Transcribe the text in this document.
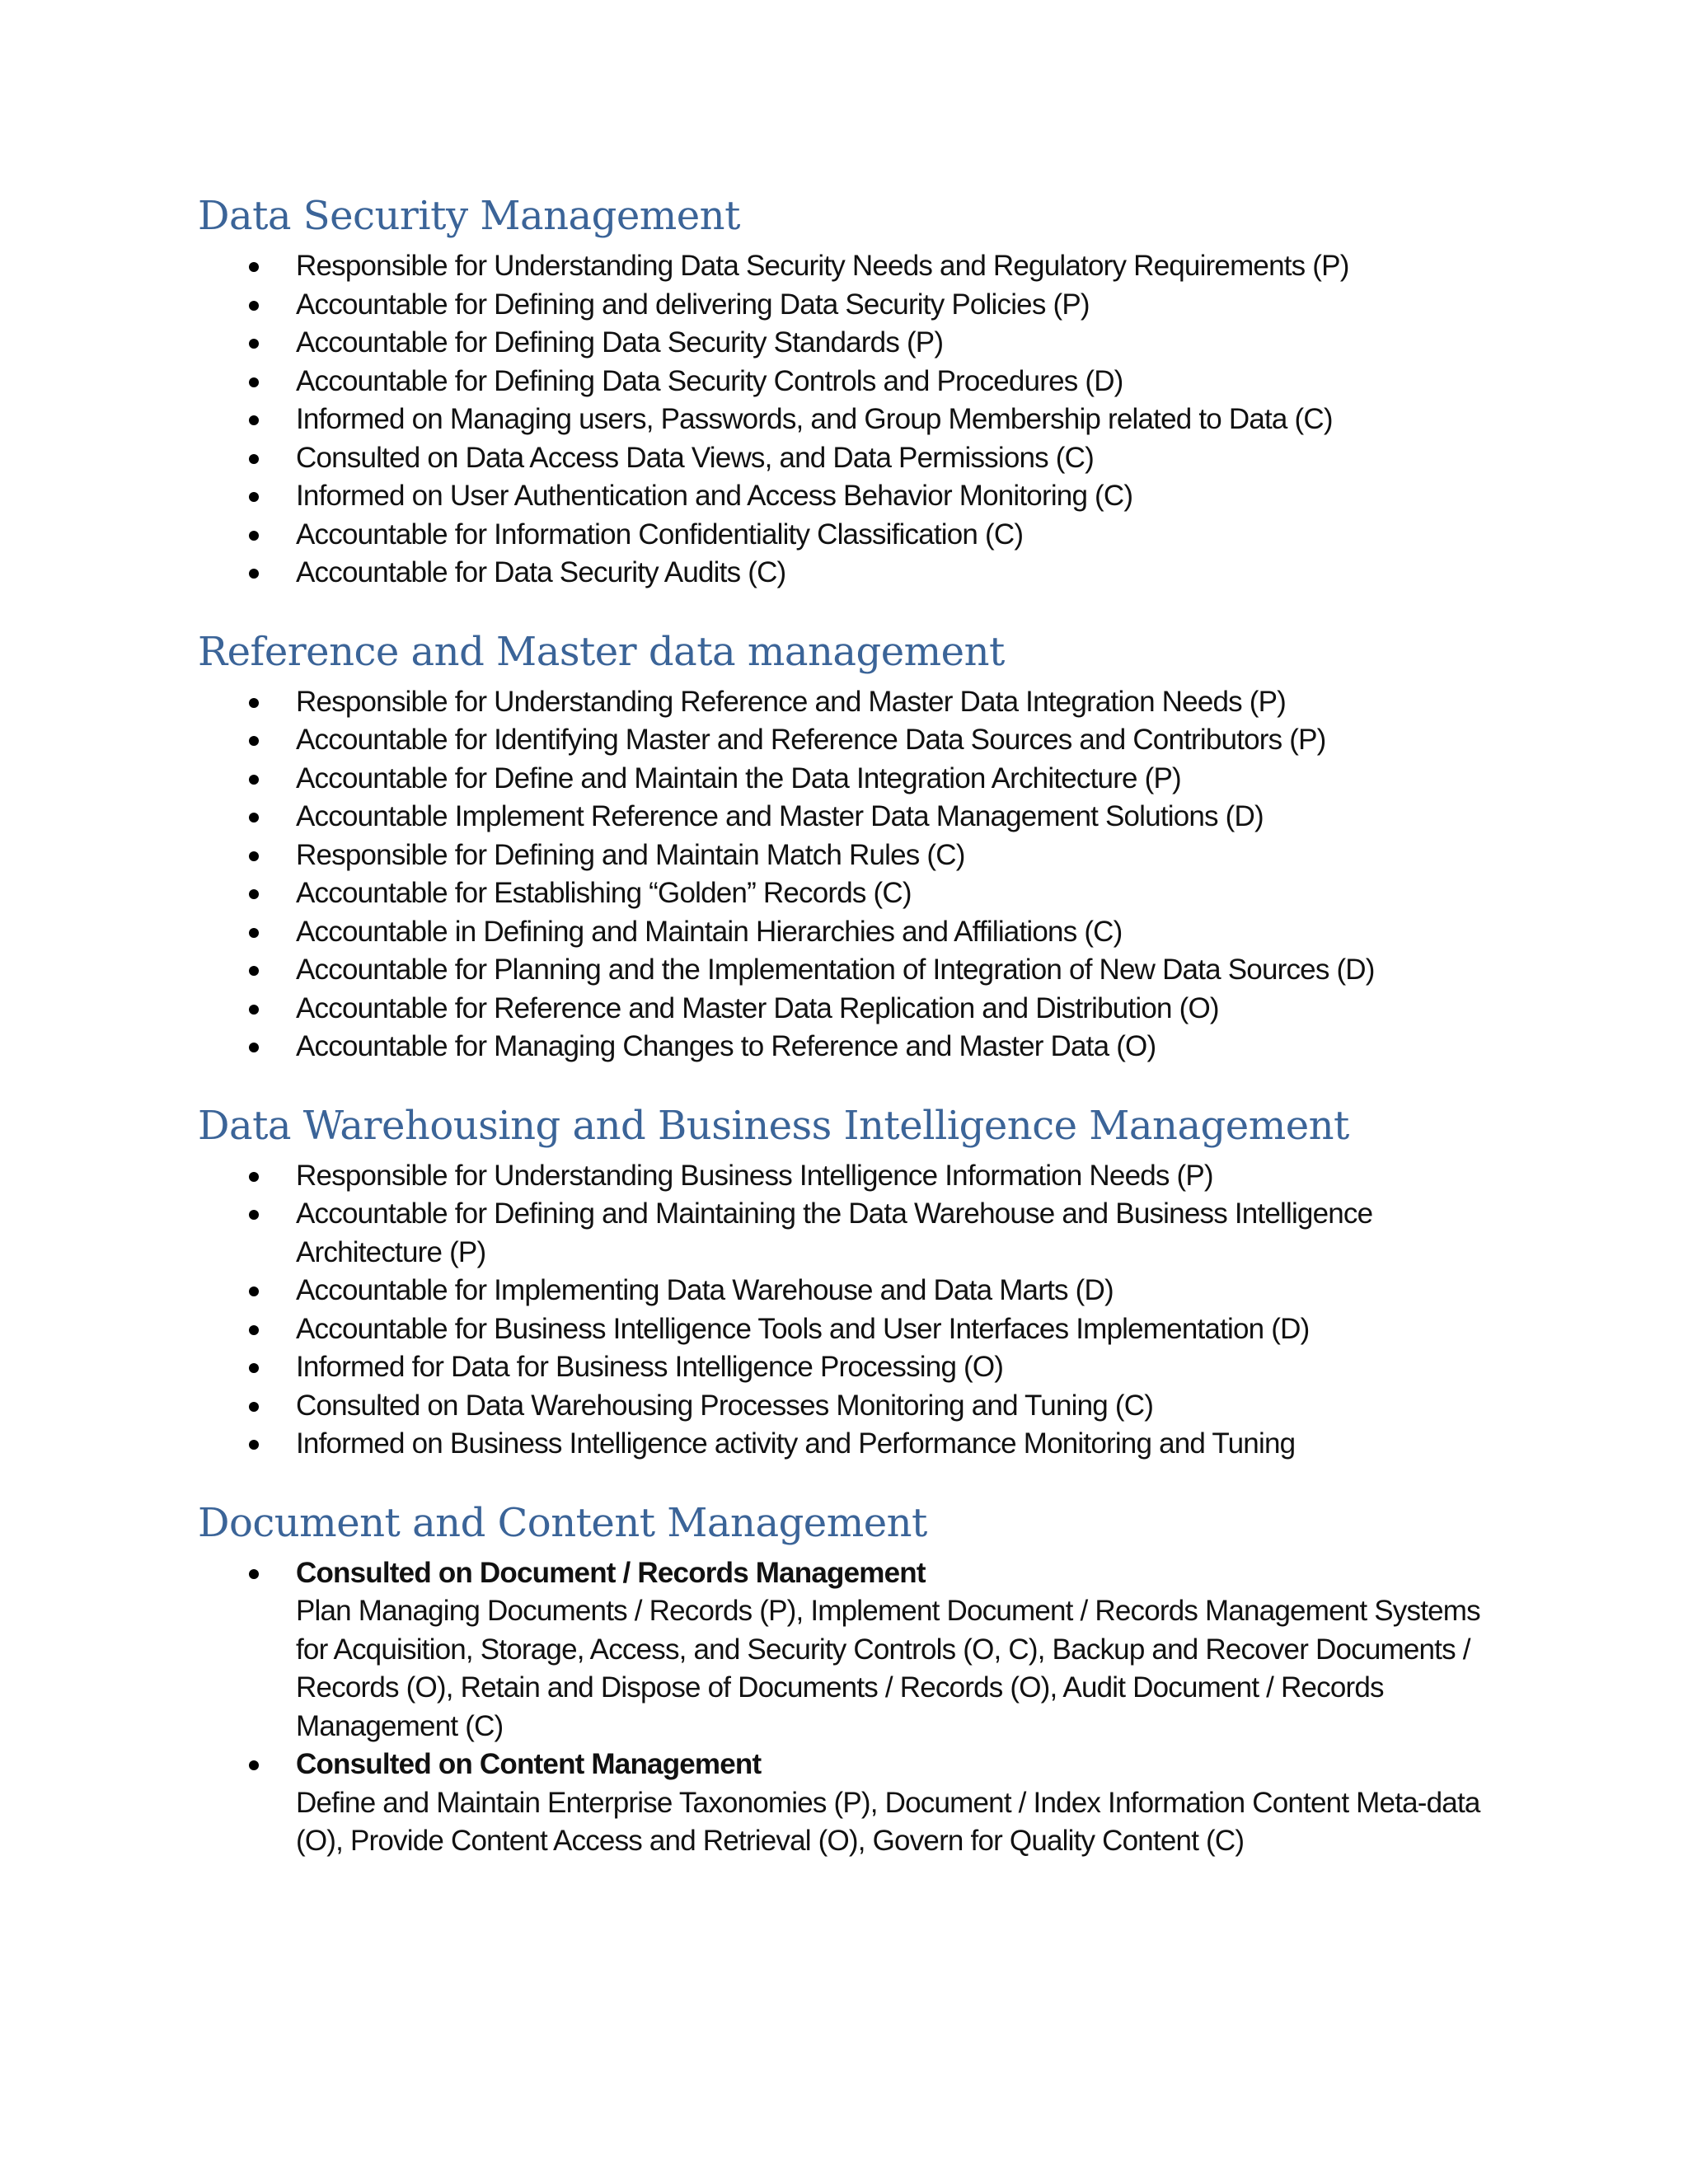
Data Security Management
Responsible for Understanding Data Security Needs and Regulatory Requirements (P)
Accountable for Defining and delivering Data Security Policies (P)
Accountable for Defining Data Security Standards (P)
Accountable for Defining Data Security Controls and Procedures (D)
Informed on Managing users, Passwords, and Group Membership related to Data (C)
Consulted on Data Access Data Views, and Data Permissions (C)
Informed on User Authentication and Access Behavior Monitoring (C)
Accountable for Information Confidentiality Classification (C)
Accountable for Data Security Audits (C)
Reference and Master data management
Responsible for Understanding Reference and Master Data Integration Needs (P)
Accountable for Identifying Master and Reference Data Sources and Contributors (P)
Accountable for Define and Maintain the Data Integration Architecture (P)
Accountable Implement Reference and Master Data Management Solutions (D)
Responsible for Defining and Maintain Match Rules (C)
Accountable for Establishing “Golden” Records (C)
Accountable in Defining and Maintain Hierarchies and Affiliations (C)
Accountable for Planning and the Implementation of Integration of New Data Sources (D)
Accountable for Reference and Master Data Replication and Distribution (O)
Accountable for Managing Changes to Reference and Master Data (O)
Data Warehousing and Business Intelligence Management
Responsible for Understanding Business Intelligence Information Needs (P)
Accountable for Defining and Maintaining the Data Warehouse and Business Intelligence Architecture (P)
Accountable for Implementing Data Warehouse and Data Marts (D)
Accountable for Business Intelligence Tools and User Interfaces Implementation (D)
Informed for Data for Business Intelligence Processing (O)
Consulted on Data Warehousing Processes Monitoring and Tuning (C)
Informed on Business Intelligence activity and Performance Monitoring and Tuning
Document and Content Management
Consulted on Document / Records Management
Plan Managing Documents / Records (P), Implement Document / Records Management Systems for Acquisition, Storage, Access, and Security Controls (O, C), Backup and Recover Documents / Records (O), Retain and Dispose of Documents / Records (O), Audit Document / Records Management (C)
Consulted on Content Management
Define and Maintain Enterprise Taxonomies (P), Document / Index Information Content Meta-data (O), Provide Content Access and Retrieval (O), Govern for Quality Content (C)
